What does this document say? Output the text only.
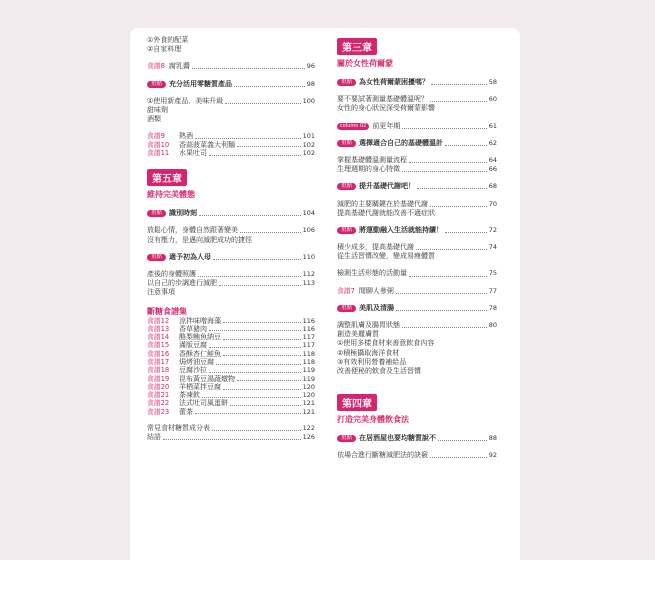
①外食的配菜
②自家料理
食譜8 腐乳醬	96
重點	充分活用零糖質產品	98
①使用新產品．美味升級	100
甜味劑
酒類
食譜9	熱酒	101
食譜10	香蒜菠菜義大利麵	102
食譜11	水果吐司	102
第五章
維持完美體態
重點	識別時刻	104
放鬆心情，身體自然跟著變美	106
沒有壓力，是邁向減肥成功的捷徑
重點	適予初為人母	110
產後的身體照護	112
以自己的步調進行減肥	113
注意事項
斷糖食譜集
食譜12	涼拌味噌海藻	116
食譜13	香草豬肉	116
食譜14	酪梨鮪魚納豆	117
食譜15	滿版豆腐	117
食譜16	香酥杏仁鮭魚	118
食譜17	焗烤油豆腐	118
食譜18	豆腐沙拉	119
食譜19	昆布黃豆湯蔬燉物	119
食譜20	羊栖菜拌豆腐	120
食譜21	茶凍飲	120
食譜22	法式吐司風蛋餅	121
食譜23	蕾茶	121
常見食材糖質成分表	122
結語	126
第三章
關於女性荷爾蒙
重點	為女性荷爾蒙困擾嗎？	58
要不要試著測量基礎體溫呢？	60
女性的身心狀況深受荷爾蒙影響
column 02 前更年期	61
重點	選擇適合自己的基礎體溫計	62
掌握基礎體溫測量流程	64
生理週期的身心特徵	66
重點	提升基礎代謝吧！	68
減肥的主要關鍵在於基礎代謝	70
提高基礎代謝就能改善不適症狀
重點	將運動融入生活就能持續！	72
積少成多，提高基礎代謝	74
從生活習慣改變，變成易瘦體質
檢測生活形態的活動量	75
食譜7 閒聊人參粥	77
重點	美肌及清腸	78
調整肌膚及腸胃狀態	80
創造美麗膚質
①使用多樣食材來善意飲食內容
②積極攝取海洋食材
③有效利用營養補給品
改善便秘的飲食及生活習慣
第四章
打造完美身體飲食法
重點	在居酒屋也要均糖質說不	88
依場合進行斷糖減肥法的訣竅	92
